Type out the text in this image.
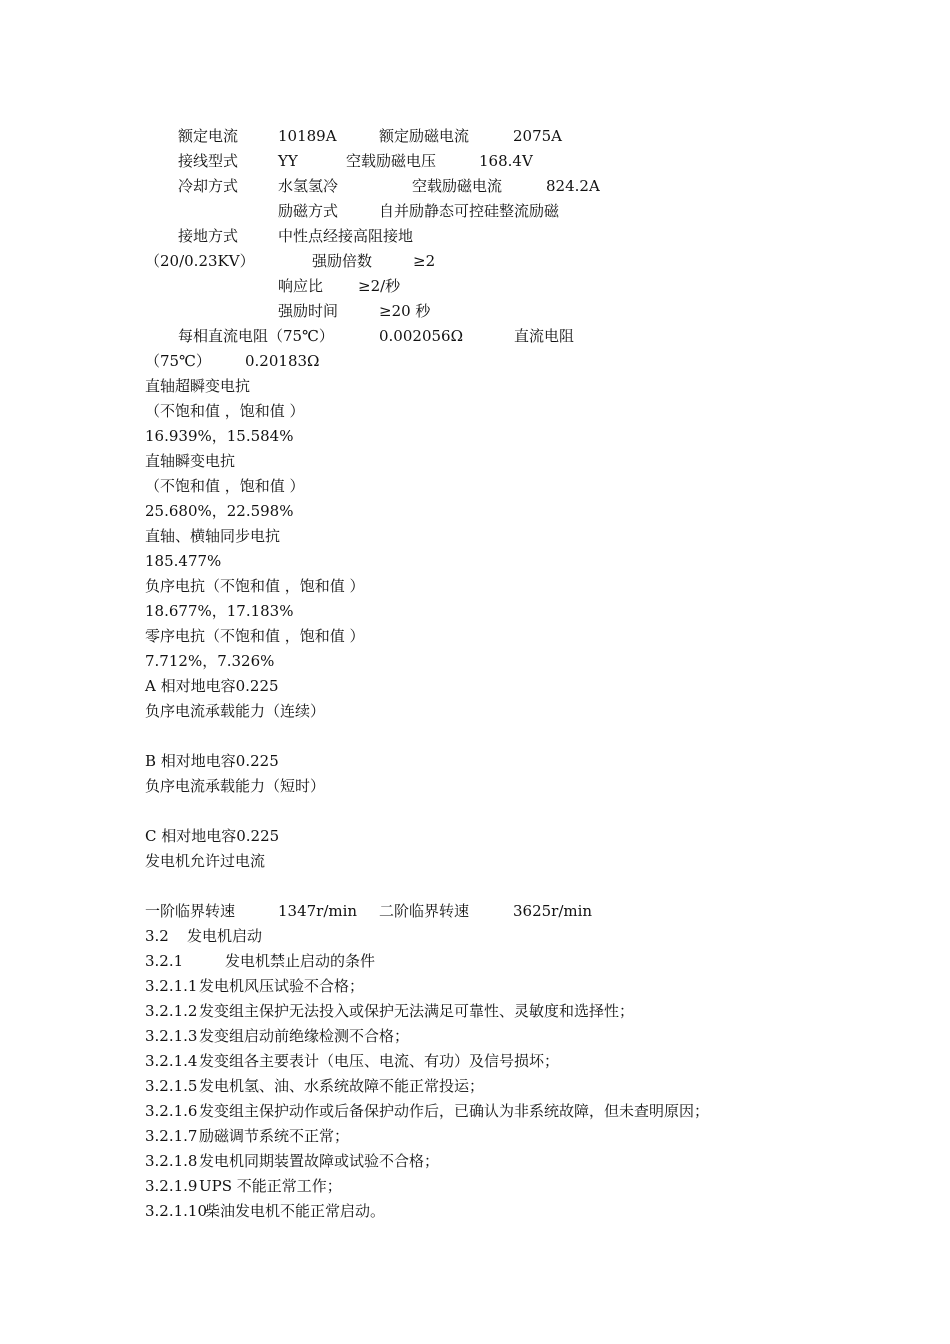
额定电流	10189A	额定励磁电流	2075A
接线型式	YY	空载励磁电压	168.4V
冷却方式	水氢氢冷	空载励磁电流	824.2A
励磁方式	自并励静态可控硅整流励磁
接地方式	中性点经接高阻接地
（20/0.23KV）	强励倍数	≥2
响应比 ≥2/秒
强励时间	≥20 秒
每相直流电阻（75℃）	0.002056Ω	直流电阻
（75℃） 0.20183Ω
直轴超瞬变电抗
（不饱和值 ，饱和值 ）
16.939%，15.584%
直轴瞬变电抗
（不饱和值 ，饱和值 ）
25.680%，22.598%
直轴、横轴同步电抗
185.477%
负序电抗（不饱和值 ，饱和值 ）
18.677%，17.183%
零序电抗（不饱和值 ，饱和值 ）
7.712%，7.326%
A 相对地电容0.225
负序电流承载能力（连续）
B 相对地电容0.225
负序电流承载能力（短时）
C 相对地电容0.225
发电机允许过电流
一阶临界转速	1347r/min 二阶临界转速	3625r/min
3.2 发电机启动
3.2.1	发电机禁止启动的条件
3.2.1.1 发电机风压试验不合格；
3.2.1.2 发变组主保护无法投入或保护无法满足可靠性、灵敏度和选择性；
3.2.1.3 发变组启动前绝缘检测不合格；
3.2.1.4 发变组各主要表计（电压、电流、有功）及信号损坏；
3.2.1.5 发电机氢、油、水系统故障不能正常投运；
3.2.1.6 发变组主保护动作或后备保护动作后，已确认为非系统故障，但未查明原因；
3.2.1.7 励磁调节系统不正常；
3.2.1.8 发电机同期装置故障或试验不合格；
3.2.1.9 UPS 不能正常工作；
3.2.1.10
柴油发电机不能正常启动。
